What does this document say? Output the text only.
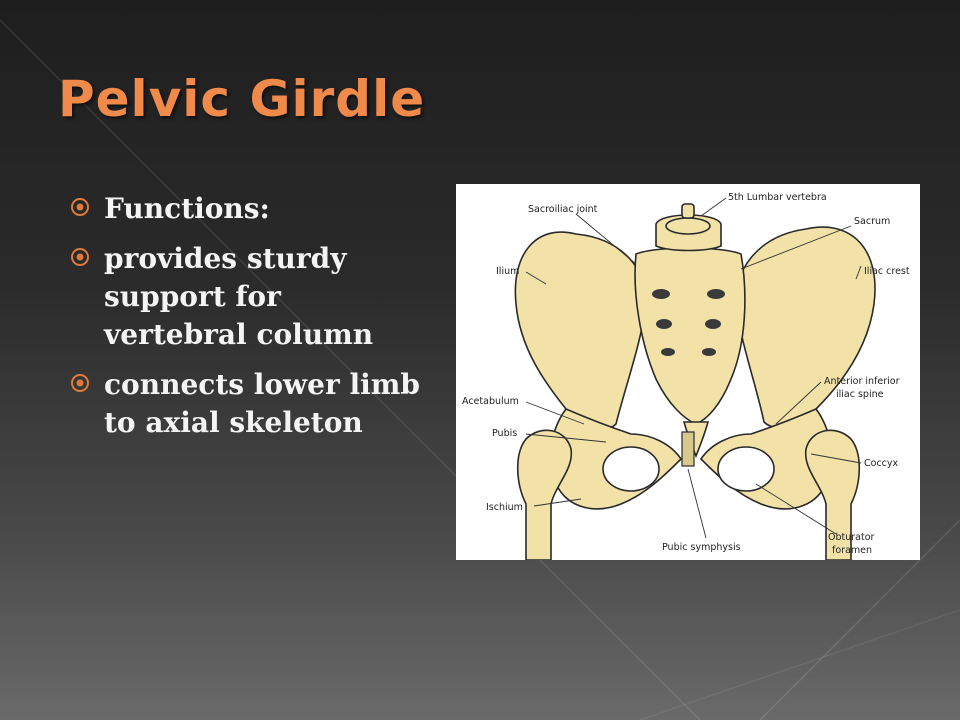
Pelvic Girdle
Functions:
provides sturdy support for vertebral column
connects lower limb to axial skeleton
5th Lumbar vertebra
Sacroiliac joint
Sacrum
Ilium	Iliac crest
Anterior inferior
iliac spine
Acetabulum
Pubis
Coccyx
Ischium
Pubic symphysis
Obturator
foramen
